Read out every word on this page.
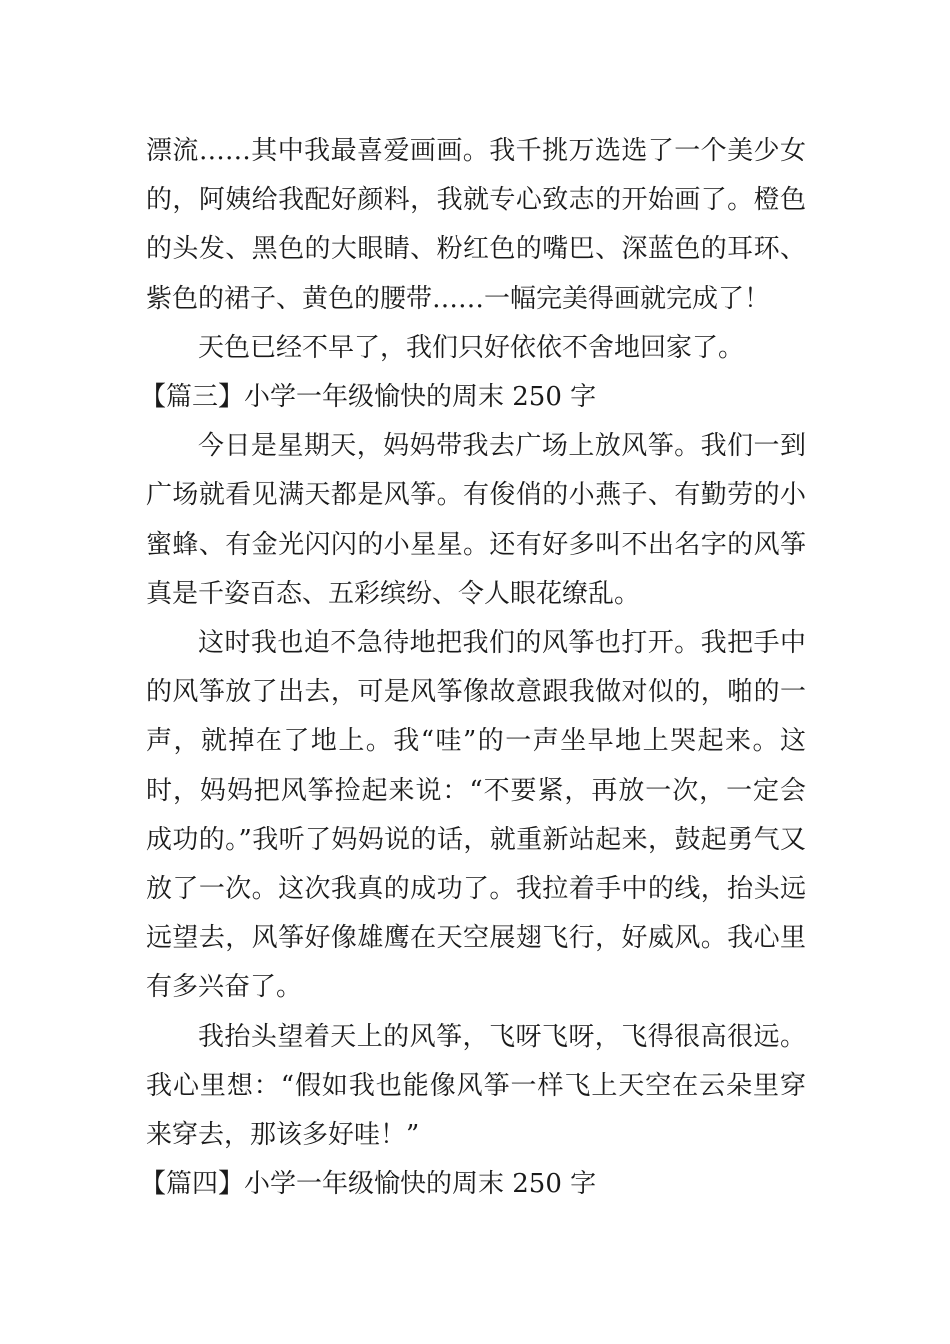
漂流……其中我最喜爱画画。我千挑万选选了一个美少女的，阿姨给我配好颜料，我就专心致志的开始画了。橙色的头发、黑色的大眼睛、粉红色的嘴巴、深蓝色的耳环、紫色的裙子、黄色的腰带……一幅完美得画就完成了！

天色已经不早了，我们只好依依不舍地回家了。

【篇三】小学一年级愉快的周末 250 字

今日是星期天，妈妈带我去广场上放风筝。我们一到广场就看见满天都是风筝。有俊俏的小燕子、有勤劳的小蜜蜂、有金光闪闪的小星星。还有好多叫不出名字的风筝真是千姿百态、五彩缤纷、令人眼花缭乱。

这时我也迫不急待地把我们的风筝也打开。我把手中的风筝放了出去，可是风筝像故意跟我做对似的，啪的一声，就掉在了地上。我“哇”的一声坐早地上哭起来。这时，妈妈把风筝捡起来说：“不要紧，再放一次，一定会成功的。”我听了妈妈说的话，就重新站起来，鼓起勇气又放了一次。这次我真的成功了。我拉着手中的线，抬头远远望去，风筝好像雄鹰在天空展翅飞行，好威风。我心里有多兴奋了。

我抬头望着天上的风筝，飞呀飞呀，飞得很高很远。我心里想：“假如我也能像风筝一样飞上天空在云朵里穿来穿去，那该多好哇！”

【篇四】小学一年级愉快的周末 250 字
